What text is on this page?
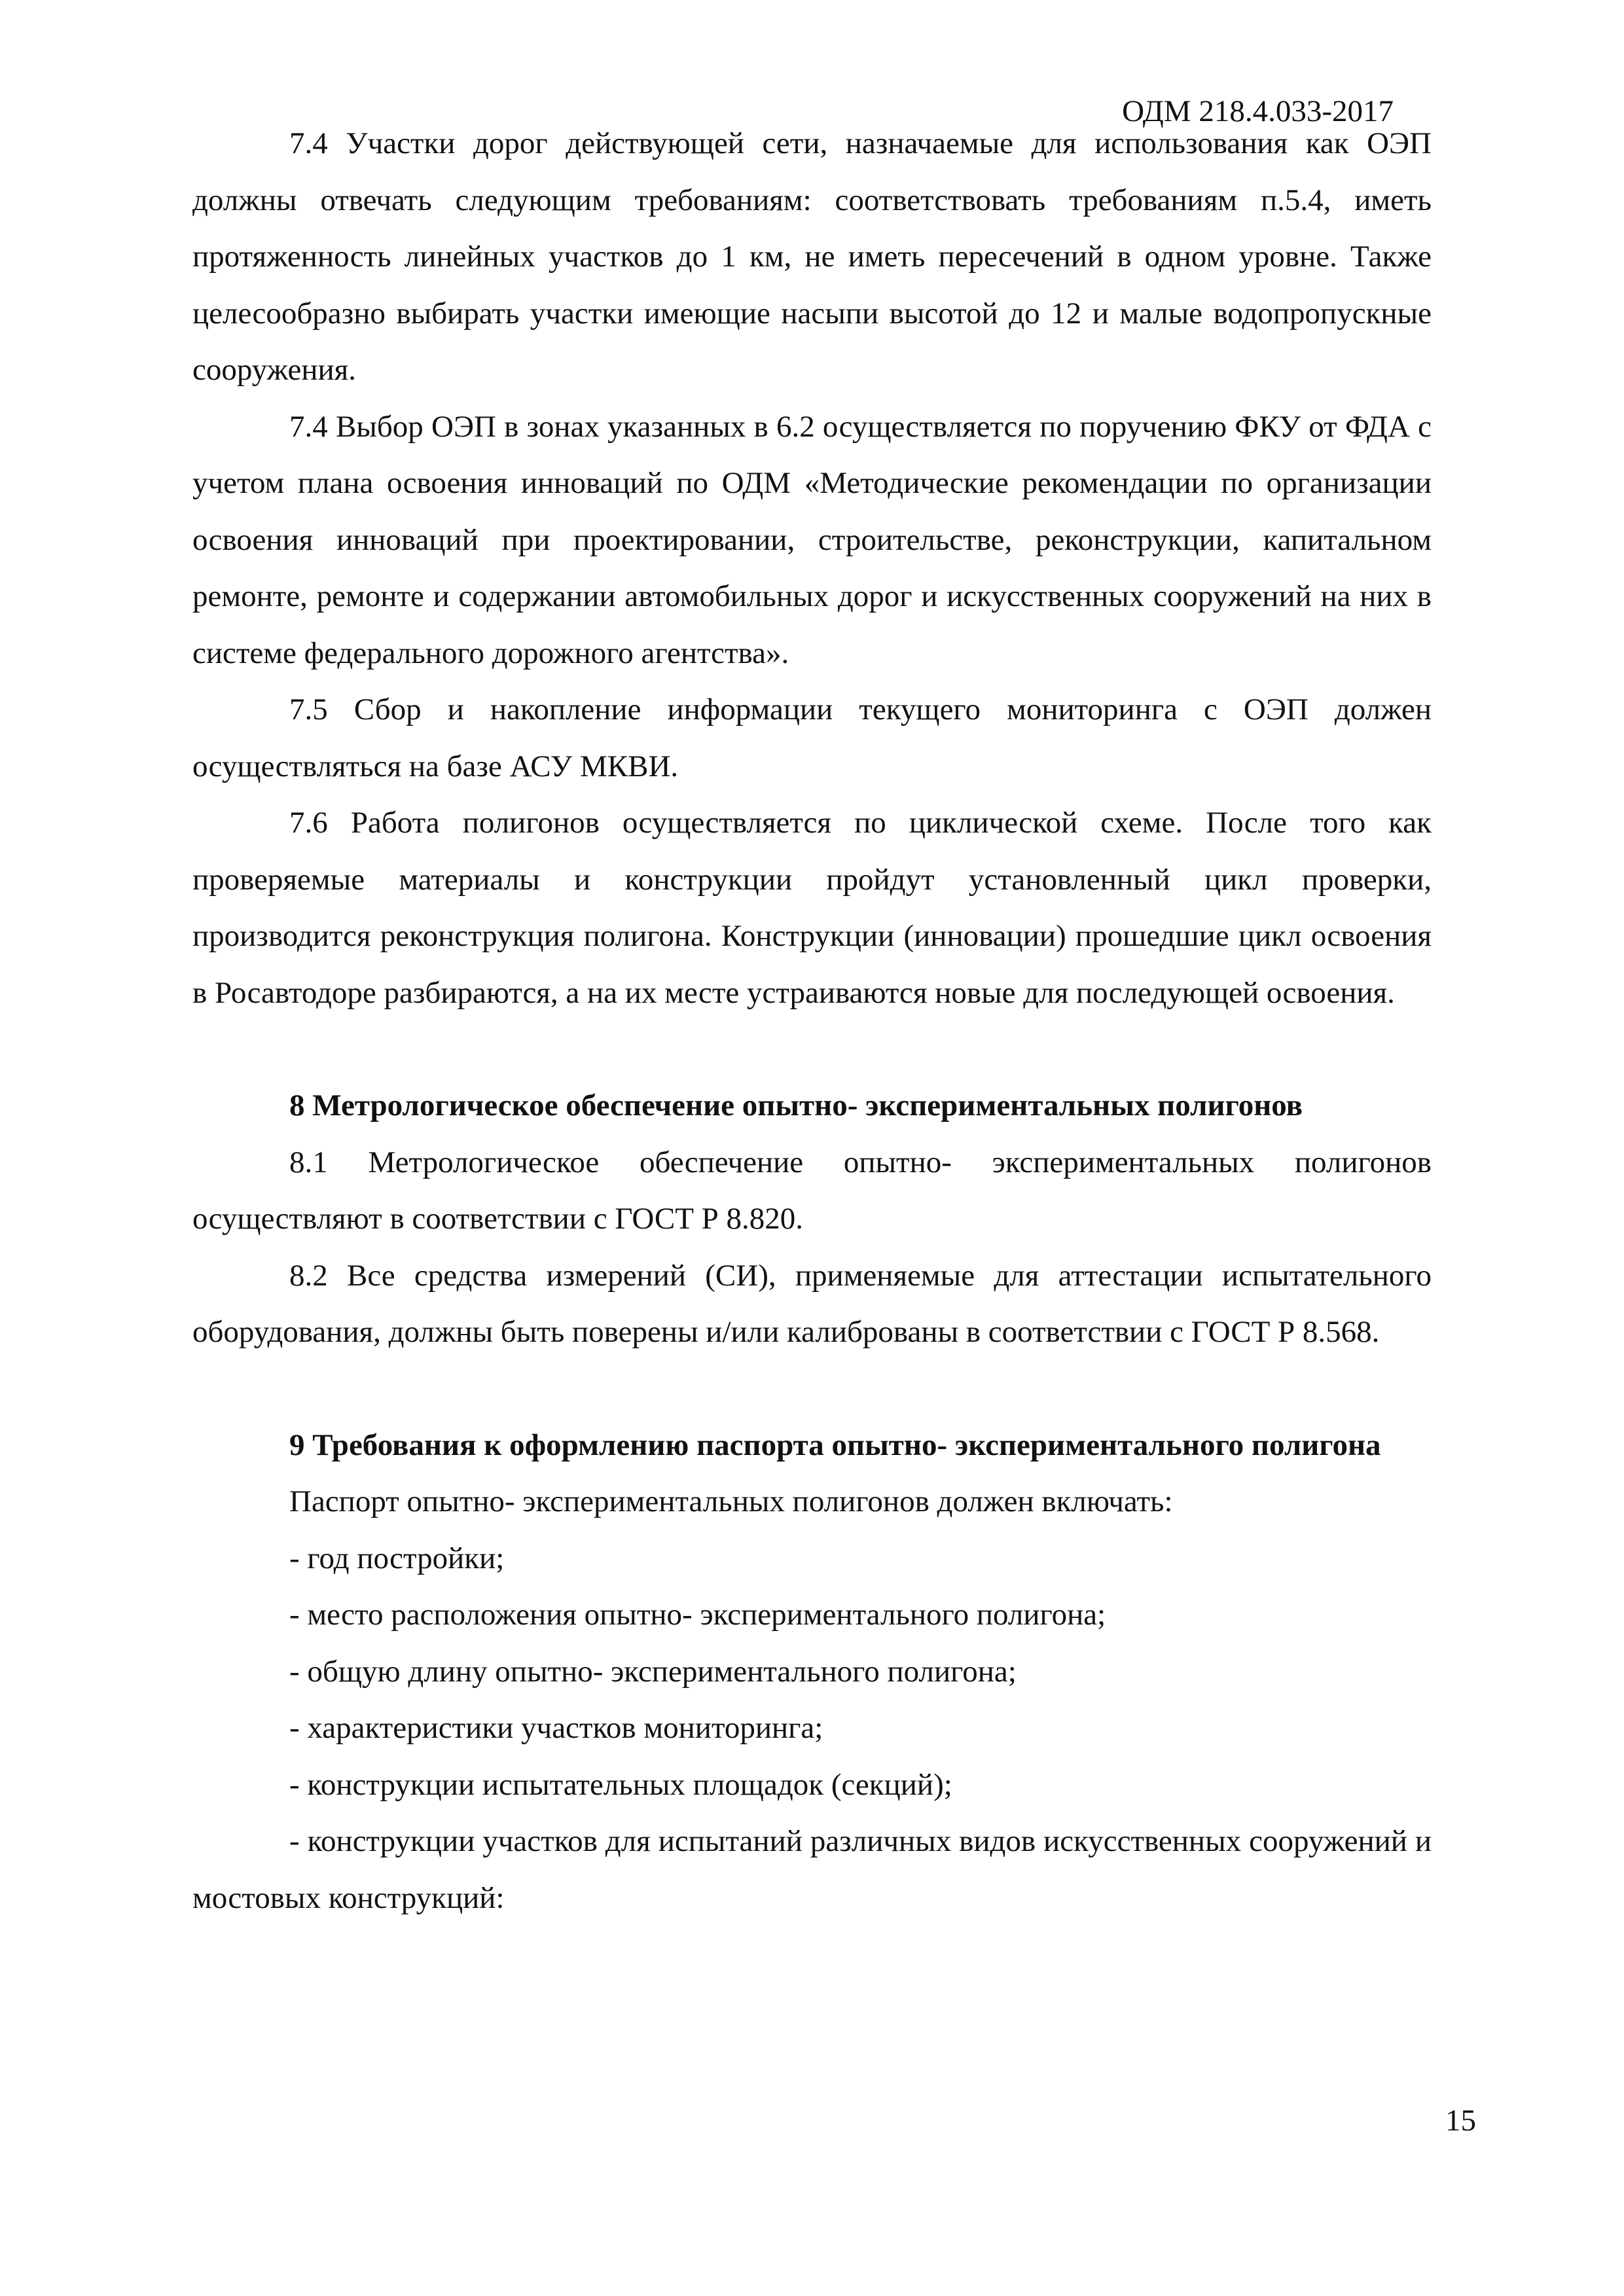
ОДМ 218.4.033-2017

7.4 Участки дорог действующей сети, назначаемые для использования как ОЭП должны отвечать следующим требованиям: соответствовать требованиям п.5.4, иметь протяженность линейных участков до 1 км, не иметь пересечений в одном уровне. Также целесообразно выбирать участки имеющие насыпи высотой до 12 и малые водопропускные сооружения.

7.4 Выбор ОЭП в зонах указанных в 6.2 осуществляется по поручению ФКУ от ФДА с учетом плана освоения инноваций по ОДМ «Методические рекомендации по организации освоения инноваций при проектировании, строительстве, реконструкции, капитальном ремонте, ремонте и содержании автомобильных дорог и искусственных сооружений на них в системе федерального дорожного агентства».

7.5 Сбор и накопление информации текущего мониторинга с ОЭП должен осуществляться на базе АСУ МКВИ.

7.6 Работа полигонов осуществляется по циклической схеме. После того как проверяемые материалы и конструкции пройдут установленный цикл проверки, производится реконструкция полигона. Конструкции (инновации) прошедшие цикл освоения в Росавтодоре разбираются, а на их месте устраиваются новые для последующей освоения.

8 Метрологическое обеспечение опытно- экспериментальных полигонов

8.1 Метрологическое обеспечение опытно- экспериментальных полигонов осуществляют в соответствии с ГОСТ Р 8.820.

8.2 Все средства измерений (СИ), применяемые для аттестации испытательного оборудования, должны быть поверены и/или калиброваны в соответствии с ГОСТ Р 8.568.

9 Требования к оформлению паспорта опытно- экспериментального полигона

Паспорт опытно- экспериментальных полигонов должен включать:

- год постройки;

- место расположения опытно- экспериментального полигона;

- общую длину опытно- экспериментального полигона;

- характеристики участков мониторинга;

- конструкции испытательных площадок (секций);

- конструкции участков для испытаний различных видов искусственных сооружений и мостовых конструкций:

15
